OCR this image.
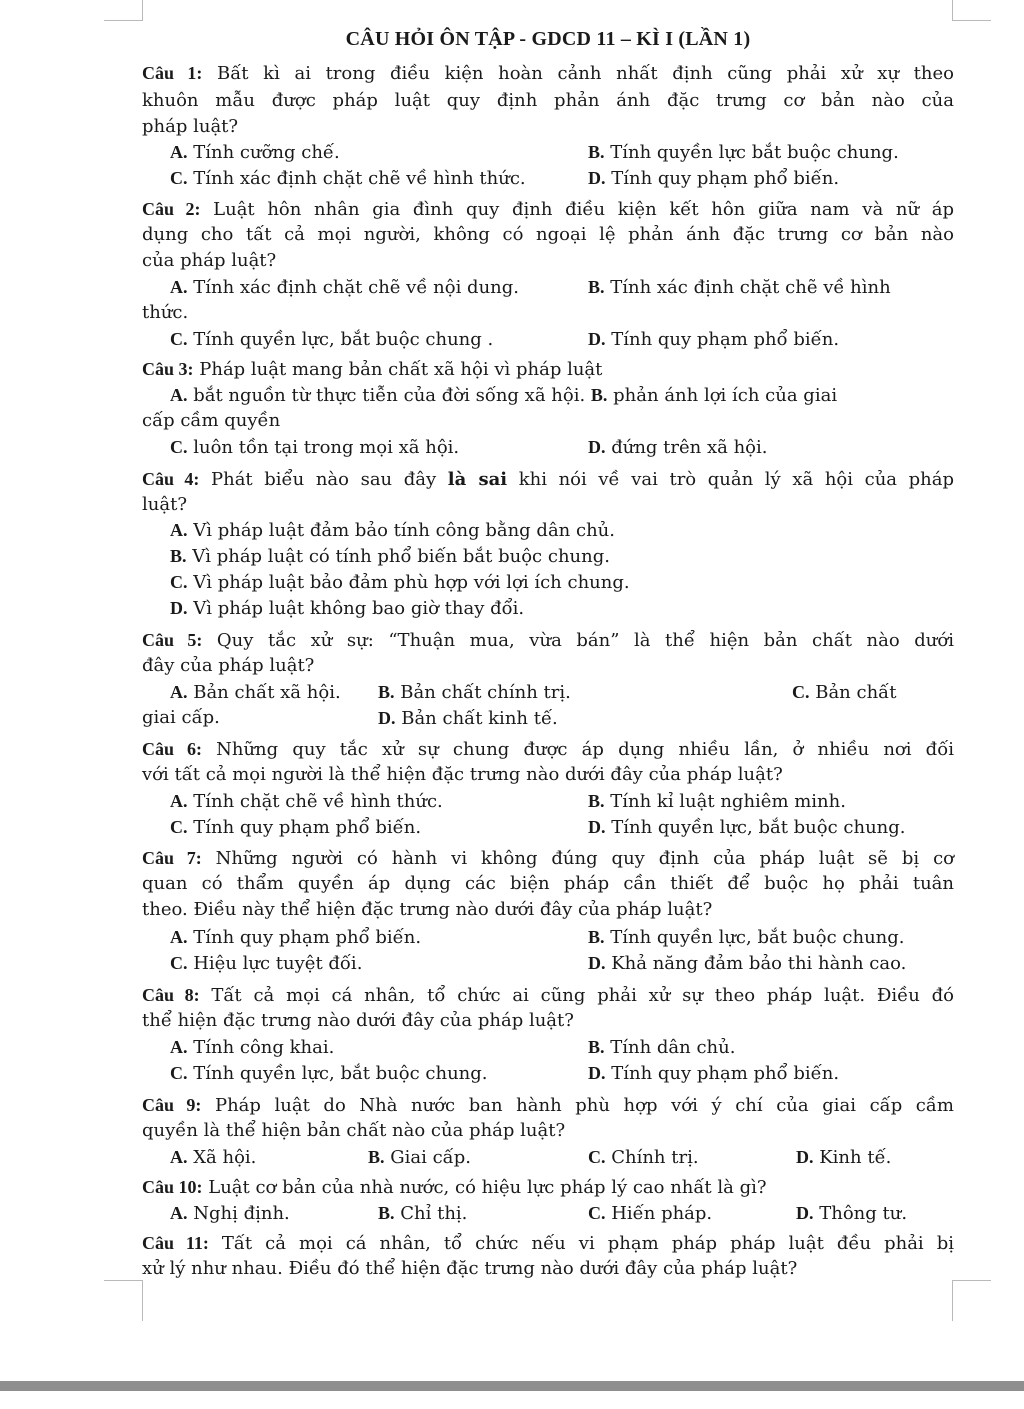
CÂU HỎI ÔN TẬP - GDCD 11 – KÌ I (LẦN 1)
Câu 1: Bất kì ai trong điều kiện hoàn cảnh nhất định cũng phải xử xự theo
khuôn mẫu được pháp luật quy định phản ánh đặc trưng cơ bản nào của
pháp luật?
A. Tính cưỡng chế.	B. Tính quyền lực bắt buộc chung.
C. Tính xác định chặt chẽ về hình thức.	D. Tính quy phạm phổ biến.
Câu 2: Luật hôn nhân gia đình quy định điều kiện kết hôn giữa nam và nữ áp
dụng cho tất cả mọi người, không có ngoại lệ phản ánh đặc trưng cơ bản nào
của pháp luật?
A. Tính xác định chặt chẽ về nội dung.	B. Tính xác định chặt chẽ về hình
thức.
C. Tính quyền lực, bắt buộc chung .	D. Tính quy phạm phổ biến.
Câu 3: Pháp luật mang bản chất xã hội vì pháp luật
A. bắt nguồn từ thực tiễn của đời sống xã hội. B. phản ánh lợi ích của giai
cấp cầm quyền
C. luôn tồn tại trong mọi xã hội.	D. đứng trên xã hội.
Câu 4: Phát biểu nào sau đây là sai khi nói về vai trò quản lý xã hội của pháp
luật?
A. Vì pháp luật đảm bảo tính công bằng dân chủ.
B. Vì pháp luật có tính phổ biến bắt buộc chung.
C. Vì pháp luật bảo đảm phù hợp với lợi ích chung.
D. Vì pháp luật không bao giờ thay đổi.
Câu 5: Quy tắc xử sự: “Thuận mua, vừa bán” là thể hiện bản chất nào dưới
đây của pháp luật?
A. Bản chất xã hội. B. Bản chất chính trị.	C. Bản chất
giai cấp.	D. Bản chất kinh tế.
Câu 6: Những quy tắc xử sự chung được áp dụng nhiều lần, ở nhiều nơi đối
với tất cả mọi người là thể hiện đặc trưng nào dưới đây của pháp luật?
A. Tính chặt chẽ về hình thức.	B. Tính kỉ luật nghiêm minh.
C. Tính quy phạm phổ biến.	D. Tính quyền lực, bắt buộc chung.
Câu 7: Những người có hành vi không đúng quy định của pháp luật sẽ bị cơ
quan có thẩm quyền áp dụng các biện pháp cần thiết để buộc họ phải tuân
theo. Điều này thể hiện đặc trưng nào dưới đây của pháp luật?
A. Tính quy phạm phổ biến.	B. Tính quyền lực, bắt buộc chung.
C. Hiệu lực tuyệt đối.	D. Khả năng đảm bảo thi hành cao.
Câu 8: Tất cả mọi cá nhân, tổ chức ai cũng phải xử sự theo pháp luật. Điều đó
thể hiện đặc trưng nào dưới đây của pháp luật?
A. Tính công khai.	B. Tính dân chủ.
C. Tính quyền lực, bắt buộc chung.	D. Tính quy phạm phổ biến.
Câu 9: Pháp luật do Nhà nước ban hành phù hợp với ý chí của giai cấp cầm
quyền là thể hiện bản chất nào của pháp luật?
A. Xã hội.	B. Giai cấp.	C. Chính trị.	D. Kinh tế.
Câu 10: Luật cơ bản của nhà nước, có hiệu lực pháp lý cao nhất là gì?
A. Nghị định.	B. Chỉ thị.	C. Hiến pháp.	D. Thông tư.
Câu 11: Tất cả mọi cá nhân, tổ chức nếu vi phạm pháp pháp luật đều phải bị
xử lý như nhau. Điều đó thể hiện đặc trưng nào dưới đây của pháp luật?
